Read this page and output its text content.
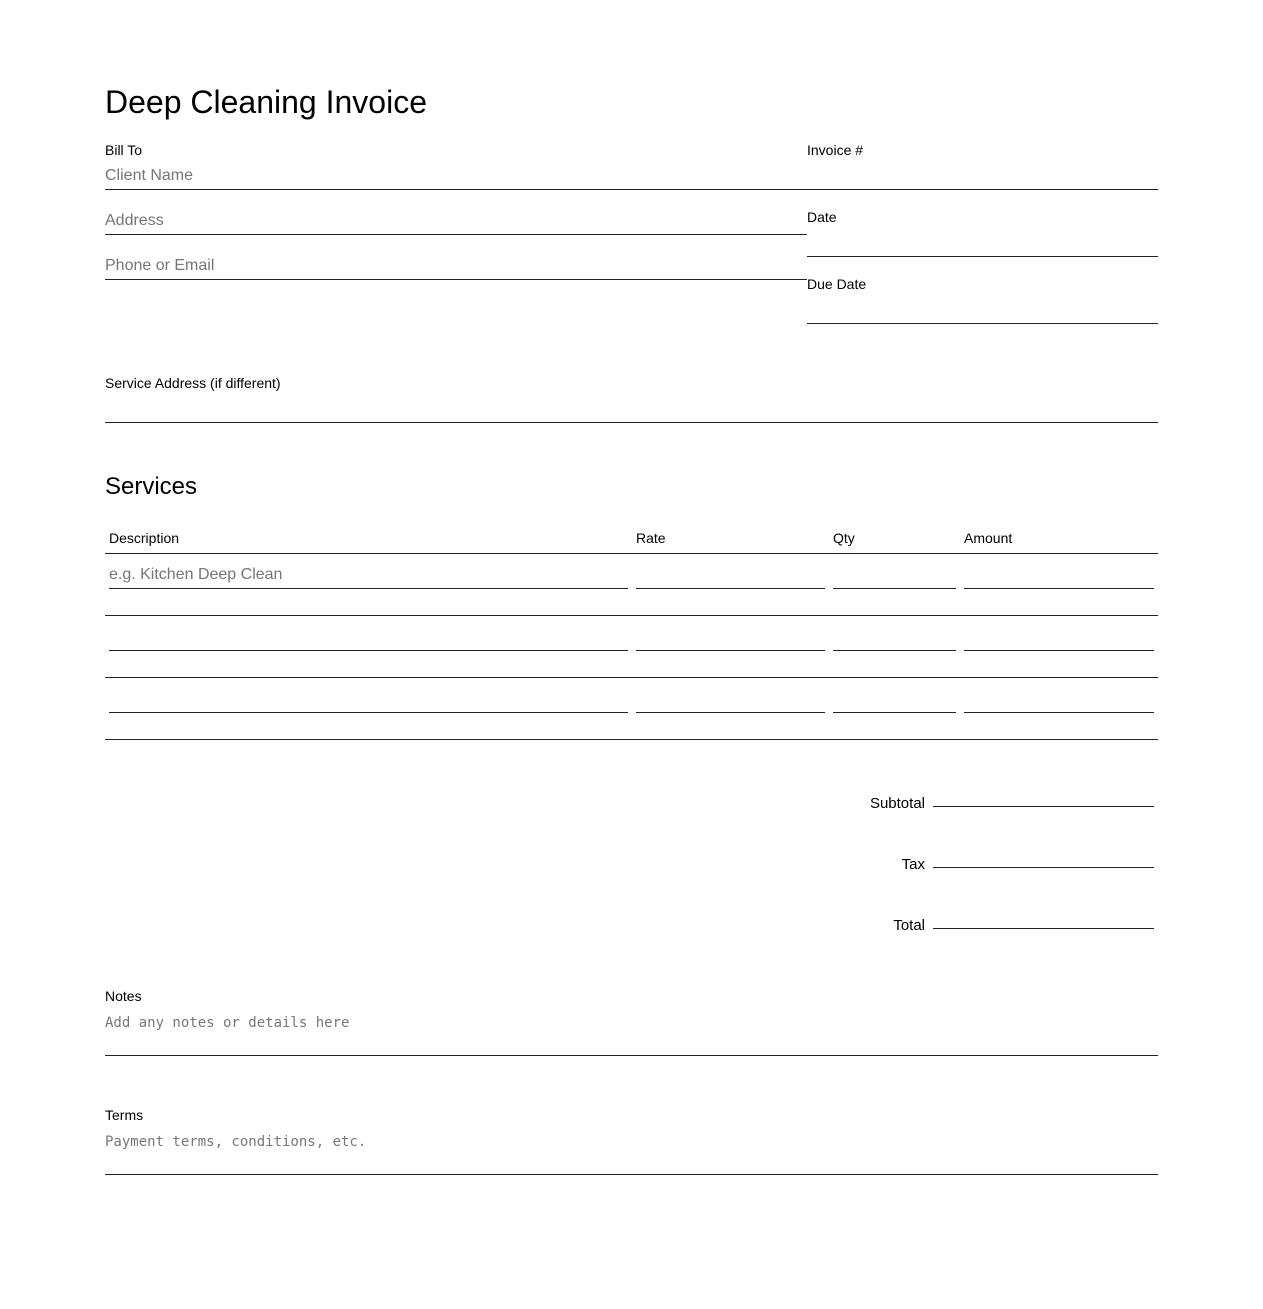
Deep Cleaning Invoice
Bill To
Client Name
Address
Phone or Email
Invoice #
Date
Due Date
Service Address (if different)
Services
Description	Rate	Qty	Amount
e.g. Kitchen Deep Clean
Subtotal
Tax
Total
Notes
Add any notes or details here
Terms
Payment terms, conditions, etc.
